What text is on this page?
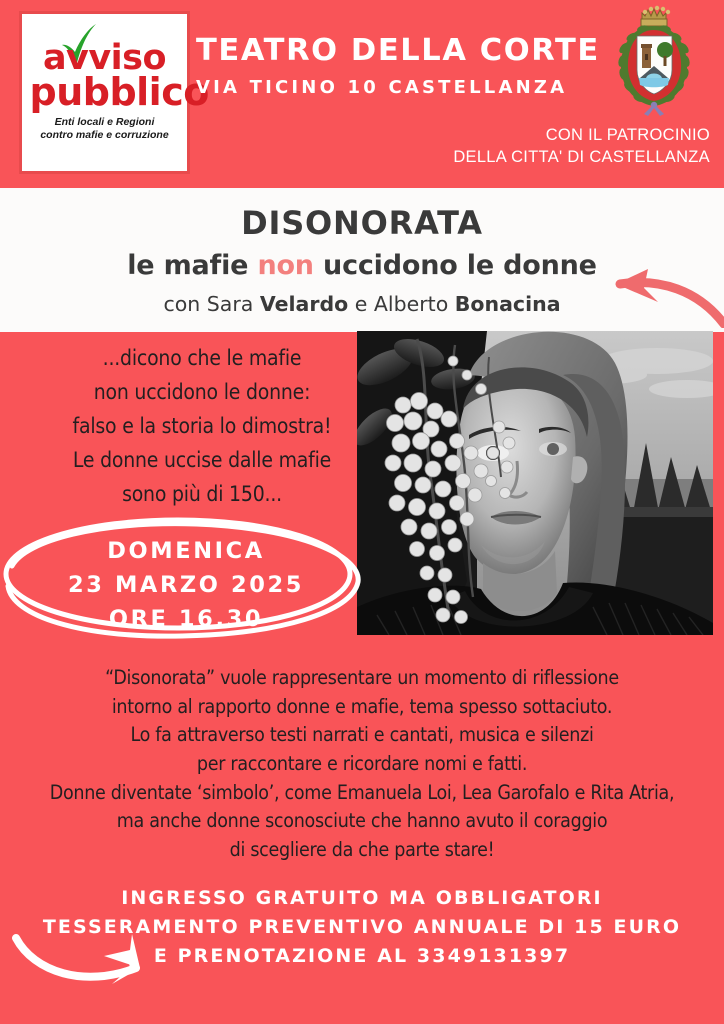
avviso
pubblico
Enti locali e Regioni
contro mafie e corruzione
TEATRO DELLA CORTE
VIA TICINO 10 CASTELLANZA
CON IL PATROCINIO
DELLA CITTA' DI CASTELLANZA
DISONORATA
le mafie non uccidono le donne
con Sara Velardo e Alberto Bonacina
...dicono che le mafie
non uccidono le donne:
falso e la storia lo dimostra!
Le donne uccise dalle mafie
sono più di 150...
DOMENICA
23 MARZO 2025
ORE 16.30
“Disonorata” vuole rappresentare un momento di riflessione
intorno al rapporto donne e mafie, tema spesso sottaciuto.
Lo fa attraverso testi narrati e cantati, musica e silenzi
per raccontare e ricordare nomi e fatti.
Donne diventate ‘simbolo’, come Emanuela Loi, Lea Garofalo e Rita Atria,
ma anche donne sconosciute che hanno avuto il coraggio
di scegliere da che parte stare!
INGRESSO GRATUITO MA OBBLIGATORI
TESSERAMENTO PREVENTIVO ANNUALE DI 15 EURO
E PRENOTAZIONE AL 3349131397
